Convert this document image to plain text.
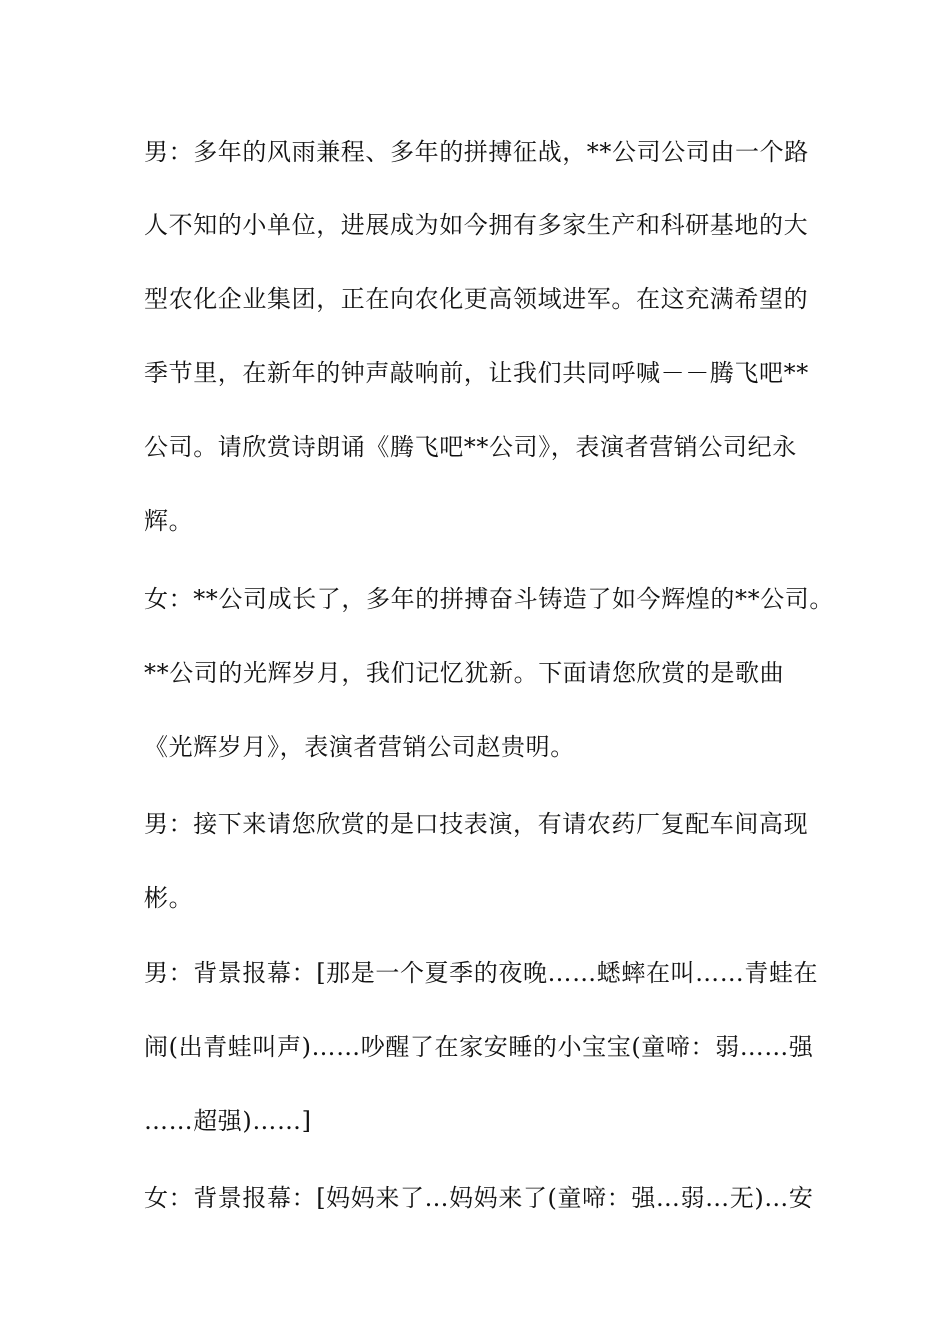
男：多年的风雨兼程、多年的拼搏征战，**公司公司由一个路
人不知的小单位，进展成为如今拥有多家生产和科研基地的大
型农化企业集团，正在向农化更高领域进军。在这充满希望的
季节里，在新年的钟声敲响前，让我们共同呼喊－－腾飞吧**
公司。请欣赏诗朗诵《腾飞吧**公司》，表演者营销公司纪永
辉。
女：**公司成长了，多年的拼搏奋斗铸造了如今辉煌的**公司。
**公司的光辉岁月，我们记忆犹新。下面请您欣赏的是歌曲
《光辉岁月》，表演者营销公司赵贵明。
男：接下来请您欣赏的是口技表演，有请农药厂复配车间高现
彬。
男：背景报幕：[那是一个夏季的夜晚……蟋蟀在叫……青蛙在
闹(出青蛙叫声)……吵醒了在家安睡的小宝宝(童啼：弱……强
……超强)……]
女：背景报幕：[妈妈来了…妈妈来了(童啼：强…弱…无)…安
